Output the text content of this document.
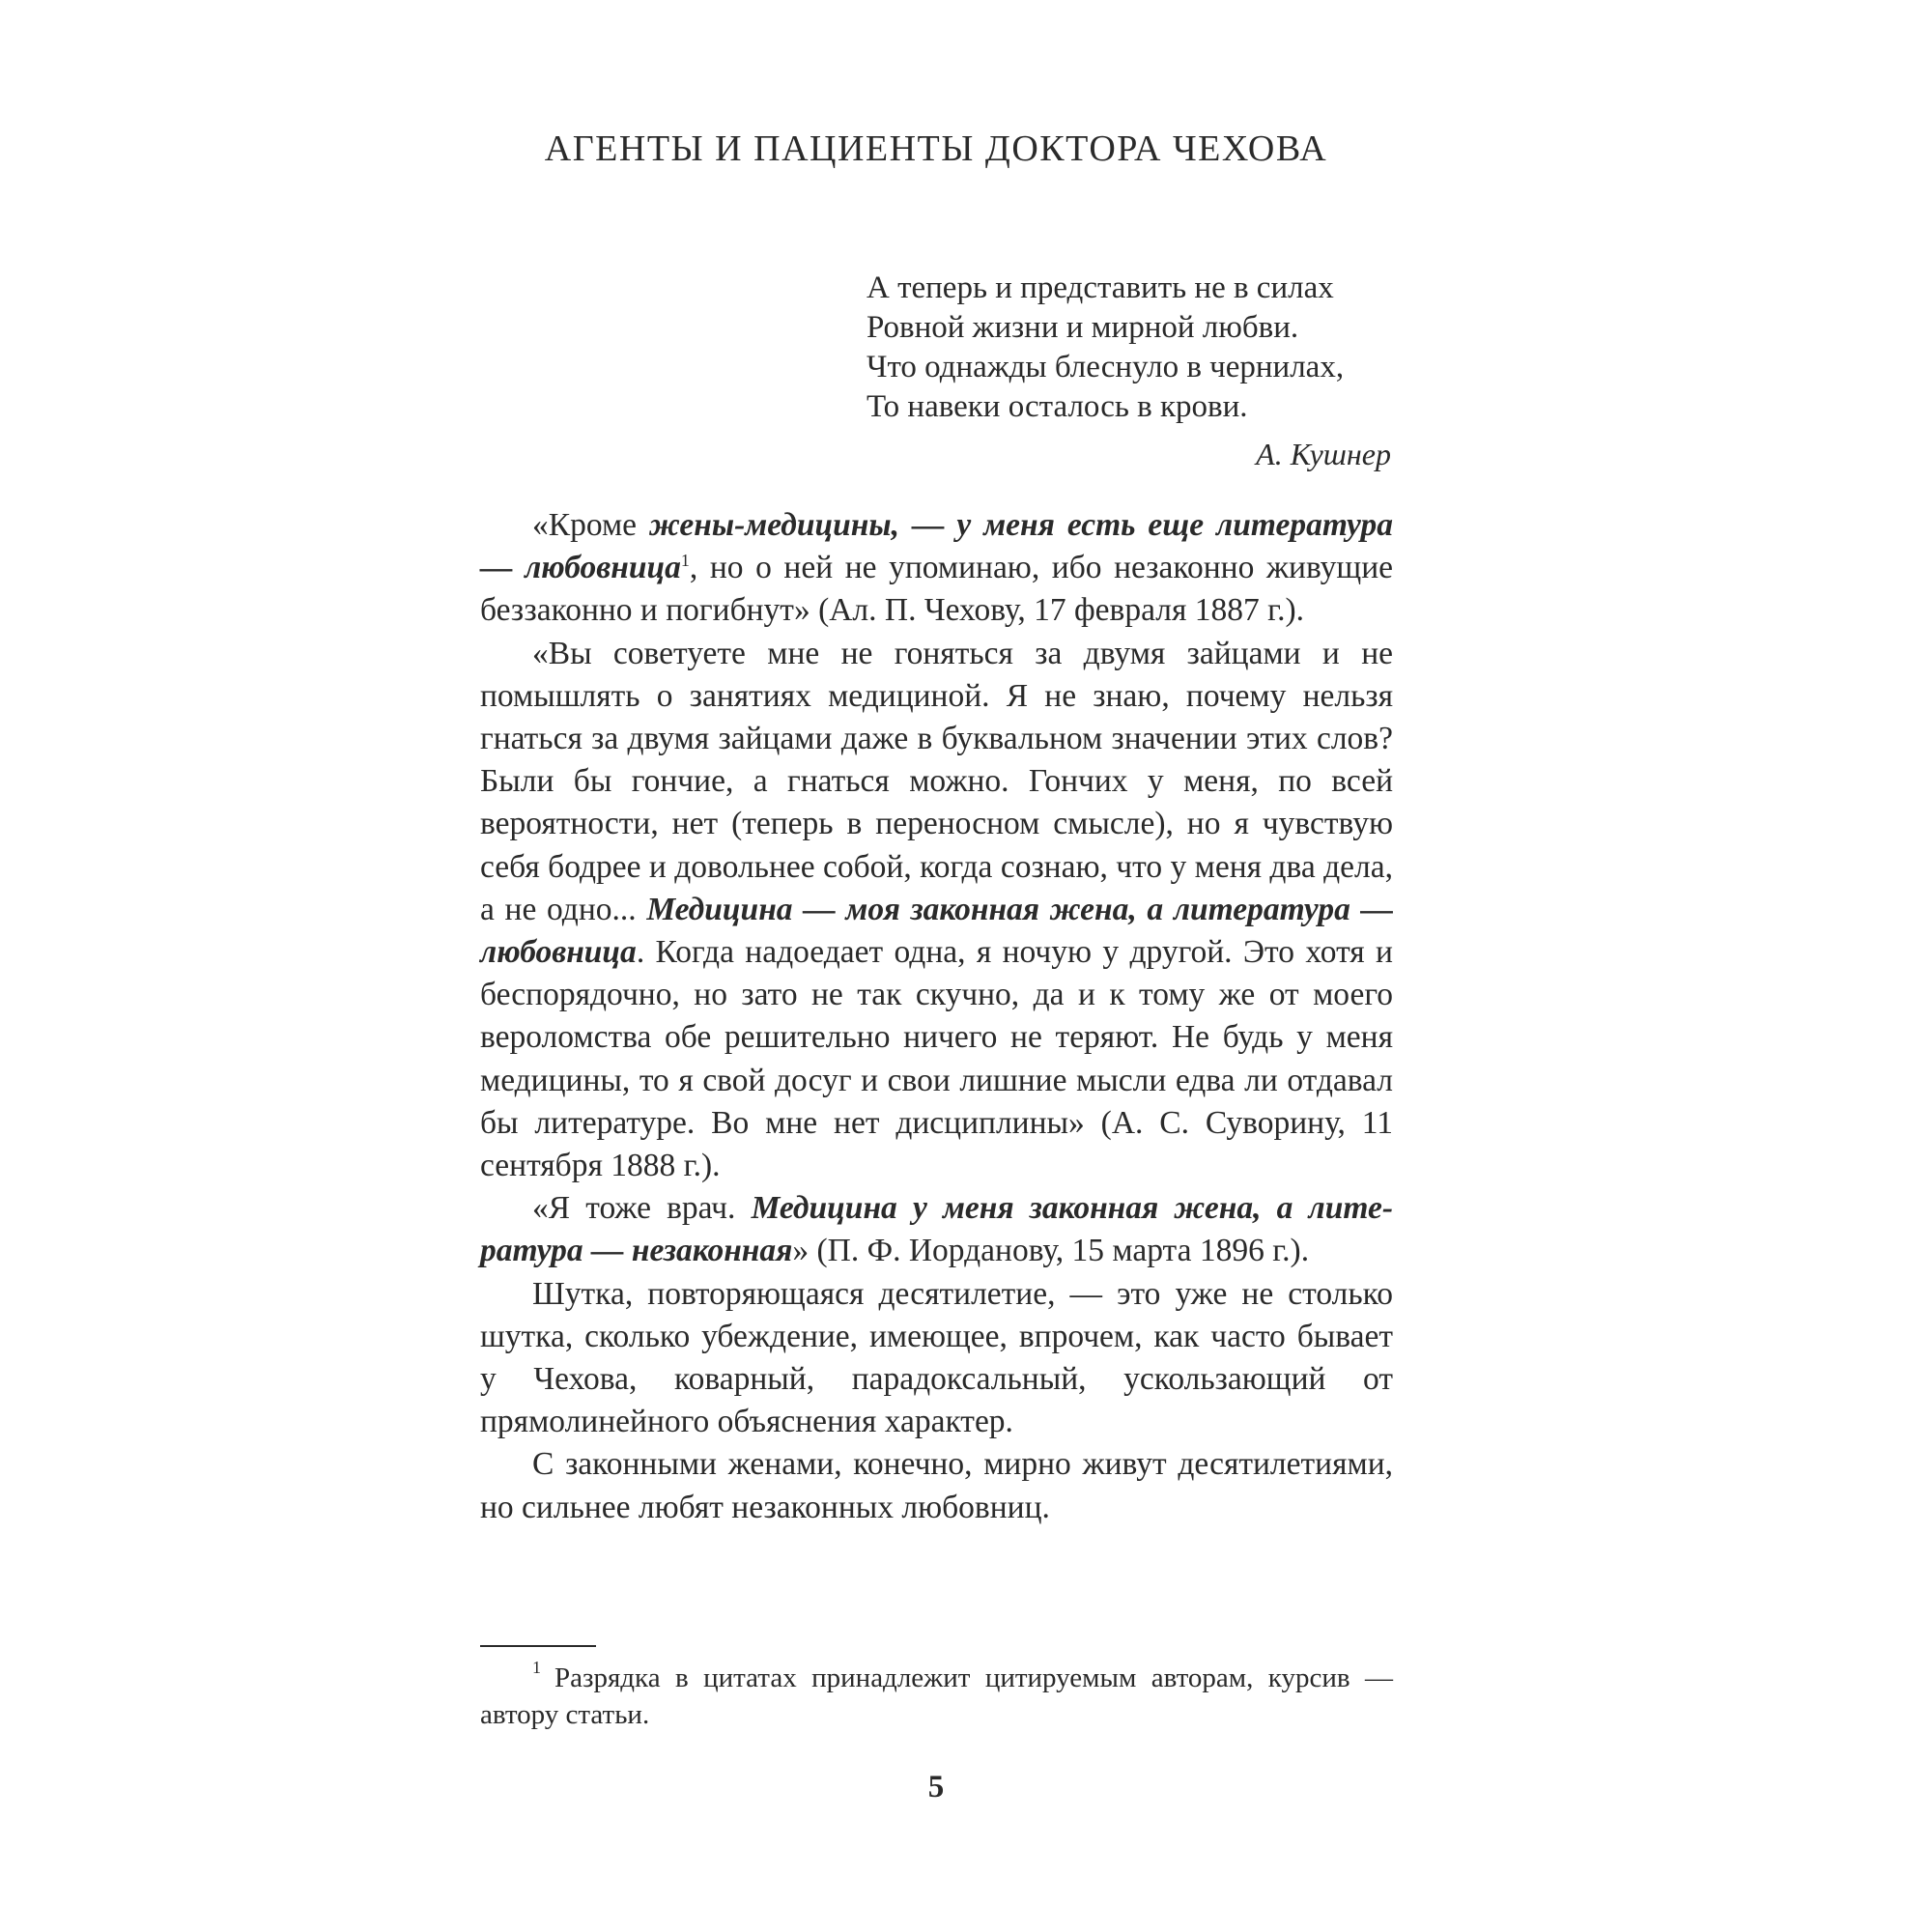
АГЕНТЫ И ПАЦИЕНТЫ ДОКТОРА ЧЕХОВА
А теперь и представить не в силах
Ровной жизни и мирной любви.
Что однажды блеснуло в чернилах,
То навеки осталось в крови.
А. Кушнер

«Кроме жены-медицины, — у меня есть еще литература — любовница$^1$, но о ней не упоминаю, ибо незаконно живущие беззаконно и погибнут» (Ал. П. Чехову, 17 февраля 1887 г.).

«Вы советуете мне не гоняться за двумя зайцами и не помышлять о занятиях медициной. Я не знаю, почему нельзя гнаться за двумя зайцами даже в буквальном значении этих слов? Были бы гончие, а гнаться можно. Гончих у меня, по всей вероятности, нет (теперь в переносном смысле), но я чувствую себя бодрее и довольнее собой, когда сознаю, что у меня два дела, а не одно... Медицина — моя законная жена, а литература — любовница. Когда надоедает одна, я ночую у другой. Это хотя и беспорядочно, но зато не так скучно, да и к тому же от моего вероломства обе решительно ничего не теряют. Не будь у меня медицины, то я свой досуг и свои лишние мысли едва ли отдавал бы литературе. Во мне нет дисциплины» (А. С. Суворину, 11 сентября 1888 г.).

«Я тоже врач. Медицина у меня законная жена, а литература — незаконная» (П. Ф. Иорданову, 15 марта 1896 г.).

Шутка, повторяющаяся десятилетие, — это уже не столько шутка, сколько убеждение, имеющее, впрочем, как часто бывает у Чехова, коварный, парадоксальный, ускользающий от прямолинейного объяснения характер.

С законными женами, конечно, мирно живут десятилетиями, но сильнее любят незаконных любовниц.

$^1$ Разрядка в цитатах принадлежит цитируемым авторам, курсив — автору статьи.
5
